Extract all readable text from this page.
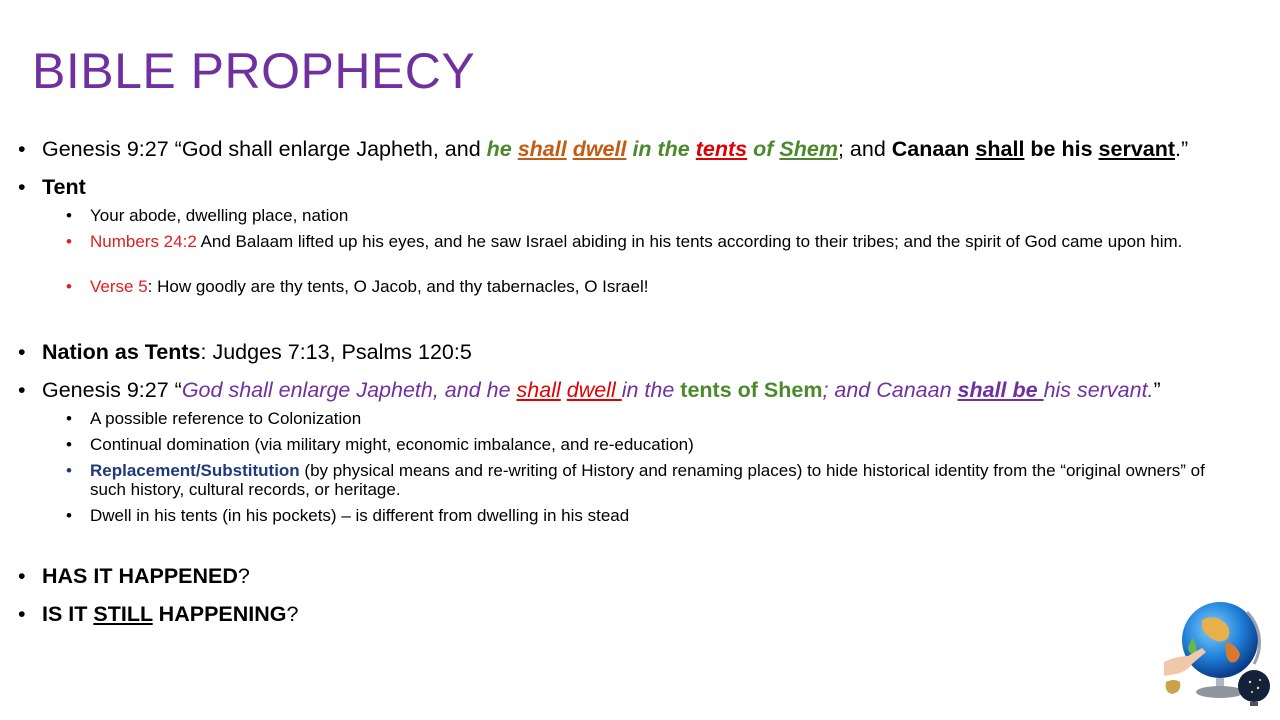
BIBLE PROPHECY
• Genesis 9:27 “God shall enlarge Japheth, and he shall dwell in the tents of Shem; and Canaan shall be his servant.”
• Tent
• Your abode, dwelling place, nation
• Numbers 24:2 And Balaam lifted up his eyes, and he saw Israel abiding in his tents according to their tribes; and the spirit of God came upon him.
• Verse 5: How goodly are thy tents, O Jacob, and thy tabernacles, O Israel!
• Nation as Tents: Judges 7:13, Psalms 120:5
• Genesis 9:27 “God shall enlarge Japheth, and he shall dwell in the tents of Shem; and Canaan shall be his servant.”
• A possible reference to Colonization
• Continual domination (via military might, economic imbalance, and re-education)
• Replacement/Substitution (by physical means and re-writing of History and renaming places) to hide historical identity from the “original owners” of such history, cultural records, or heritage.
• Dwell in his tents (in his pockets) – is different from dwelling in his stead
• HAS IT HAPPENED?
• IS IT STILL HAPPENING?
